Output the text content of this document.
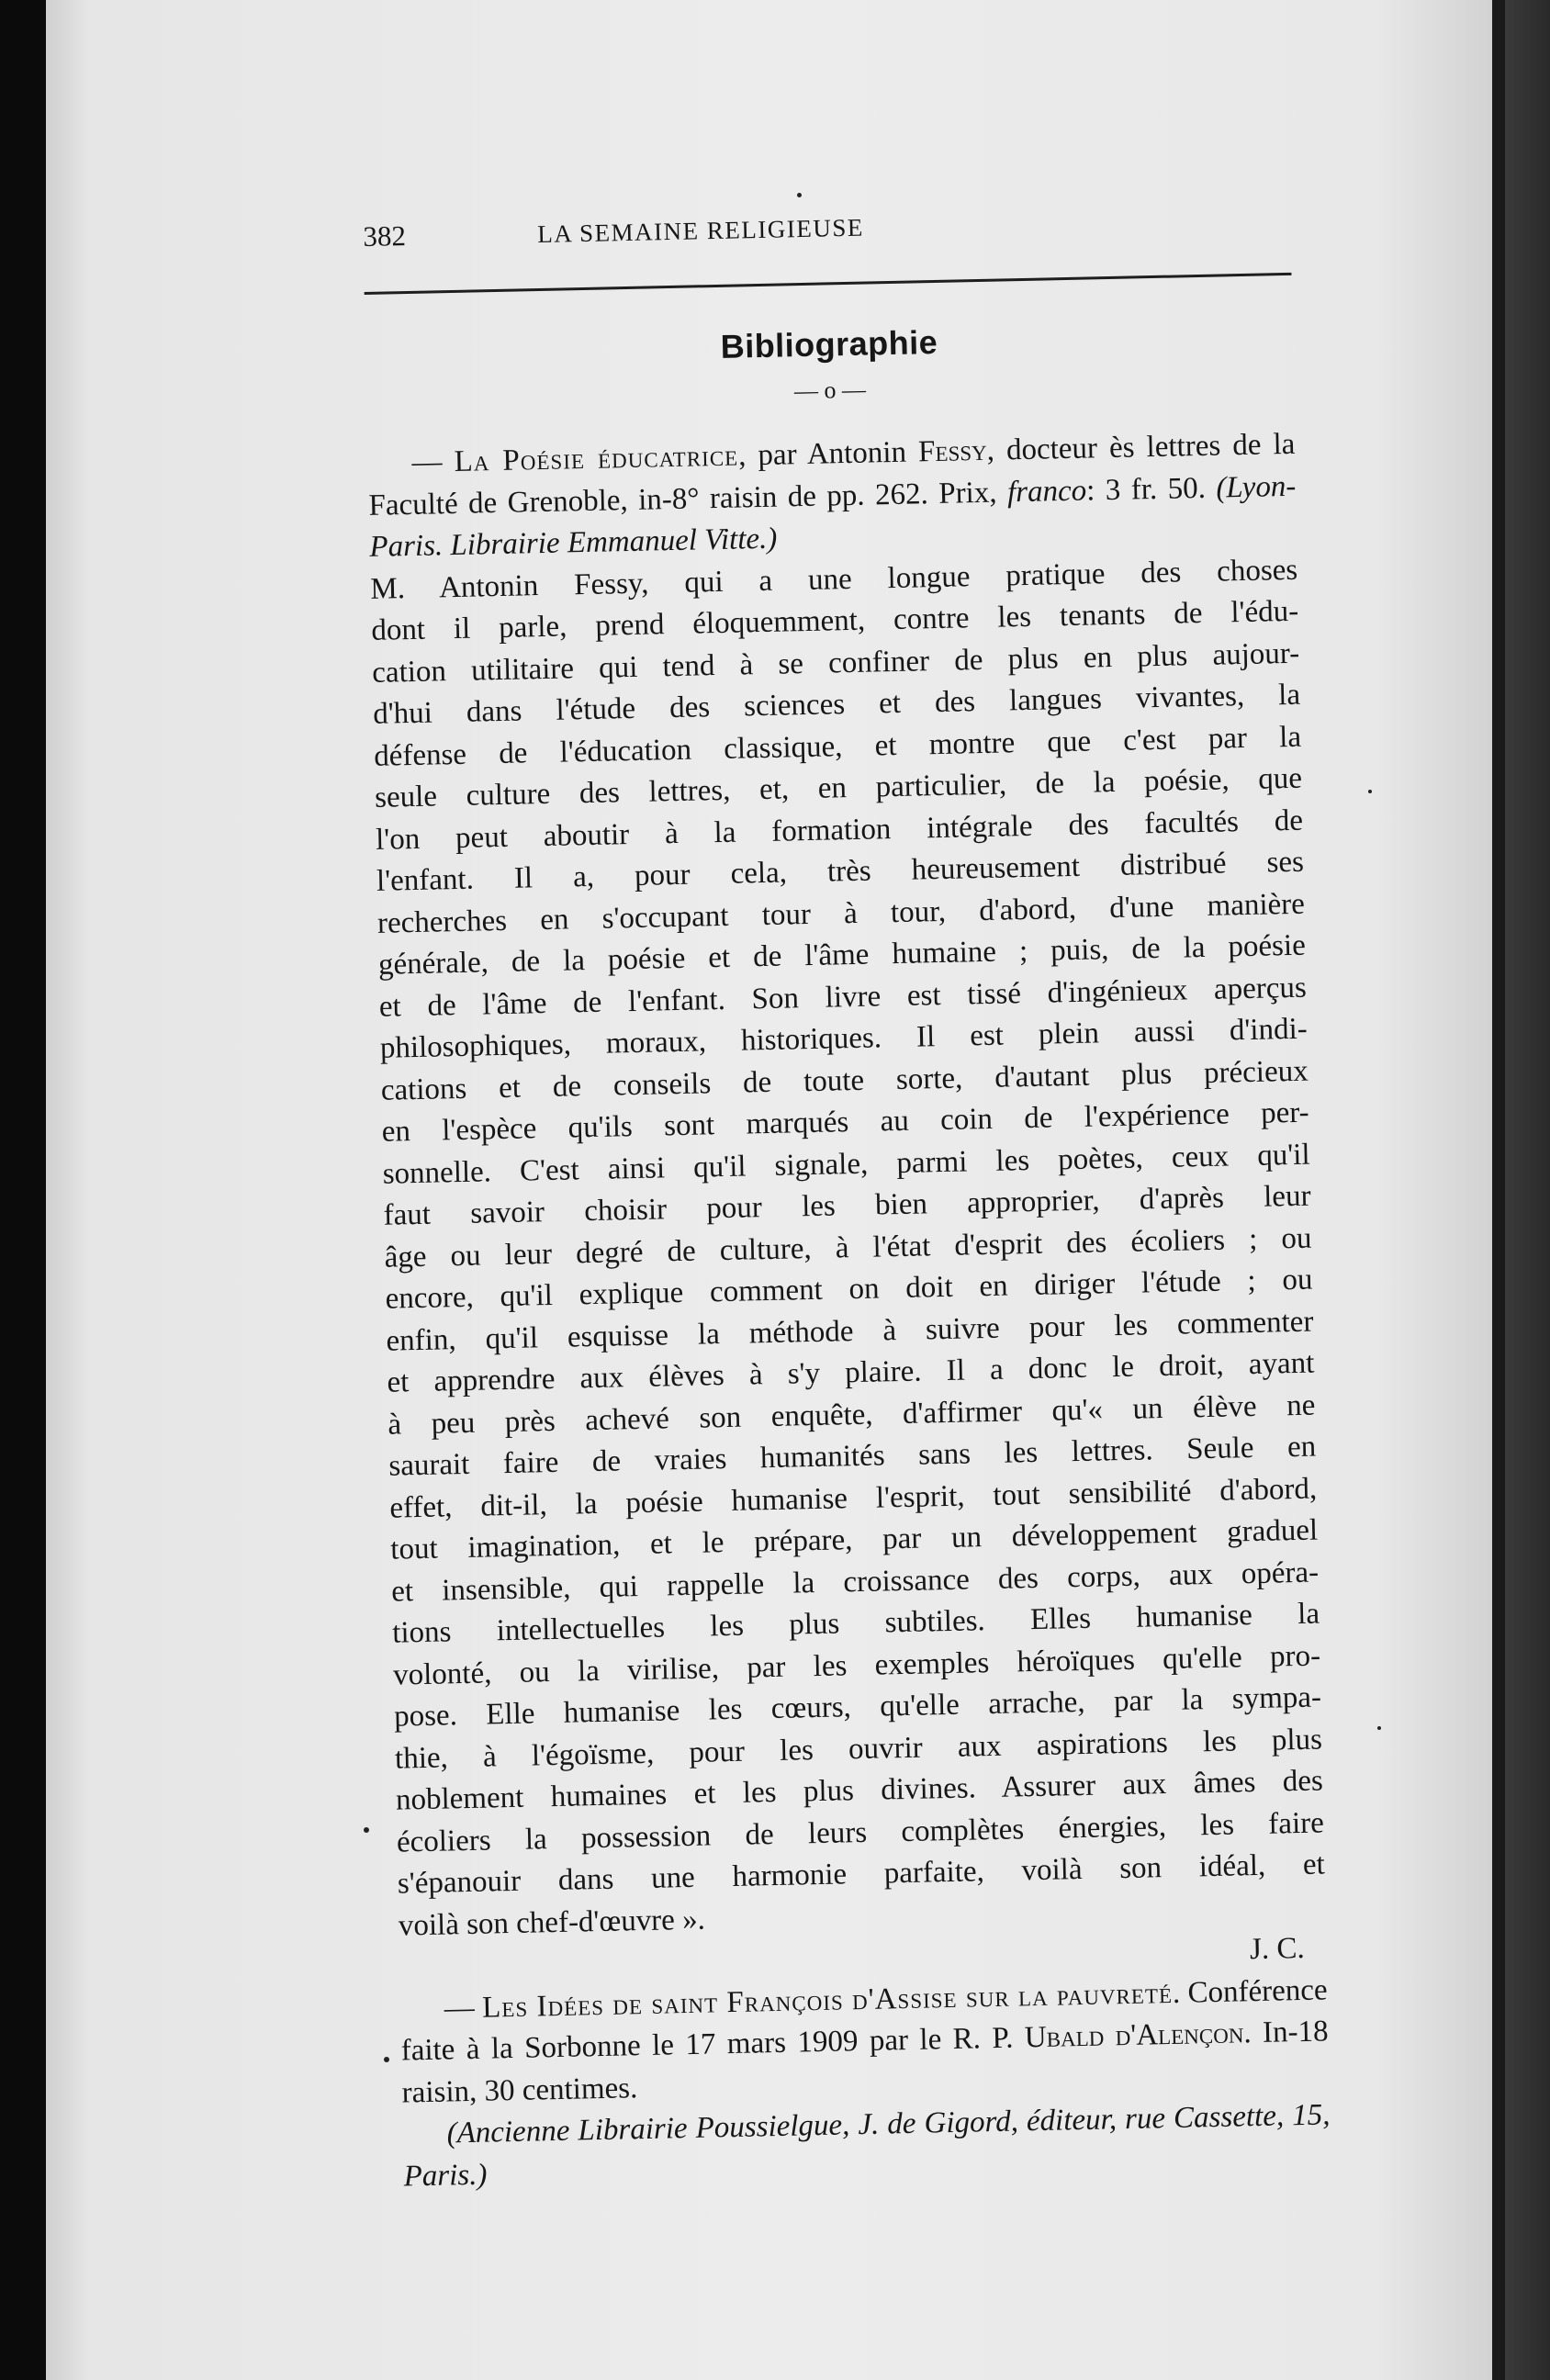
382	LA SEMAINE RELIGIEUSE
Bibliographie
— o —

— La Poésie éducatrice, par Antonin Fessy, docteur ès lettres de la Faculté de Grenoble, in-8° raisin de pp. 262. Prix, franco: 3 fr. 50. (Lyon-Paris. Librairie Emmanuel Vitte.)

M. Antonin Fessy, qui a une longue pratique des choses
dont il parle, prend éloquemment, contre les tenants de l'édu-
cation utilitaire qui tend à se confiner de plus en plus aujour-
d'hui dans l'étude des sciences et des langues vivantes, la
défense de l'éducation classique, et montre que c'est par la
seule culture des lettres, et, en particulier, de la poésie, que
l'on peut aboutir à la formation intégrale des facultés de
l'enfant. Il a, pour cela, très heureusement distribué ses
recherches en s'occupant tour à tour, d'abord, d'une manière
générale, de la poésie et de l'âme humaine ; puis, de la poésie
et de l'âme de l'enfant. Son livre est tissé d'ingénieux aperçus
philosophiques, moraux, historiques. Il est plein aussi d'indi-
cations et de conseils de toute sorte, d'autant plus précieux
en l'espèce qu'ils sont marqués au coin de l'expérience per-
sonnelle. C'est ainsi qu'il signale, parmi les poètes, ceux qu'il
faut savoir choisir pour les bien approprier, d'après leur
âge ou leur degré de culture, à l'état d'esprit des écoliers ; ou
encore, qu'il explique comment on doit en diriger l'étude ; ou
enfin, qu'il esquisse la méthode à suivre pour les commenter
et apprendre aux élèves à s'y plaire. Il a donc le droit, ayant
à peu près achevé son enquête, d'affirmer qu'« un élève ne
saurait faire de vraies humanités sans les lettres. Seule en
effet, dit-il, la poésie humanise l'esprit, tout sensibilité d'abord,
tout imagination, et le prépare, par un développement graduel
et insensible, qui rappelle la croissance des corps, aux opéra-
tions intellectuelles les plus subtiles. Elles humanise la
volonté, ou la virilise, par les exemples héroïques qu'elle pro-
pose. Elle humanise les cœurs, qu'elle arrache, par la sympa-
thie, à l'égoïsme, pour les ouvrir aux aspirations les plus
noblement humaines et les plus divines. Assurer aux âmes des
écoliers la possession de leurs complètes énergies, les faire
s'épanouir dans une harmonie parfaite, voilà son idéal, et
voilà son chef-d'œuvre ».

J. C.

— Les Idées de saint François d'Assise sur la pauvreté. Conférence faite à la Sorbonne le 17 mars 1909 par le R. P. Ubald d'Alençon. In-18 raisin, 30 centimes.

(Ancienne Librairie Poussielgue, J. de Gigord, éditeur, rue Cassette, 15, Paris.)
